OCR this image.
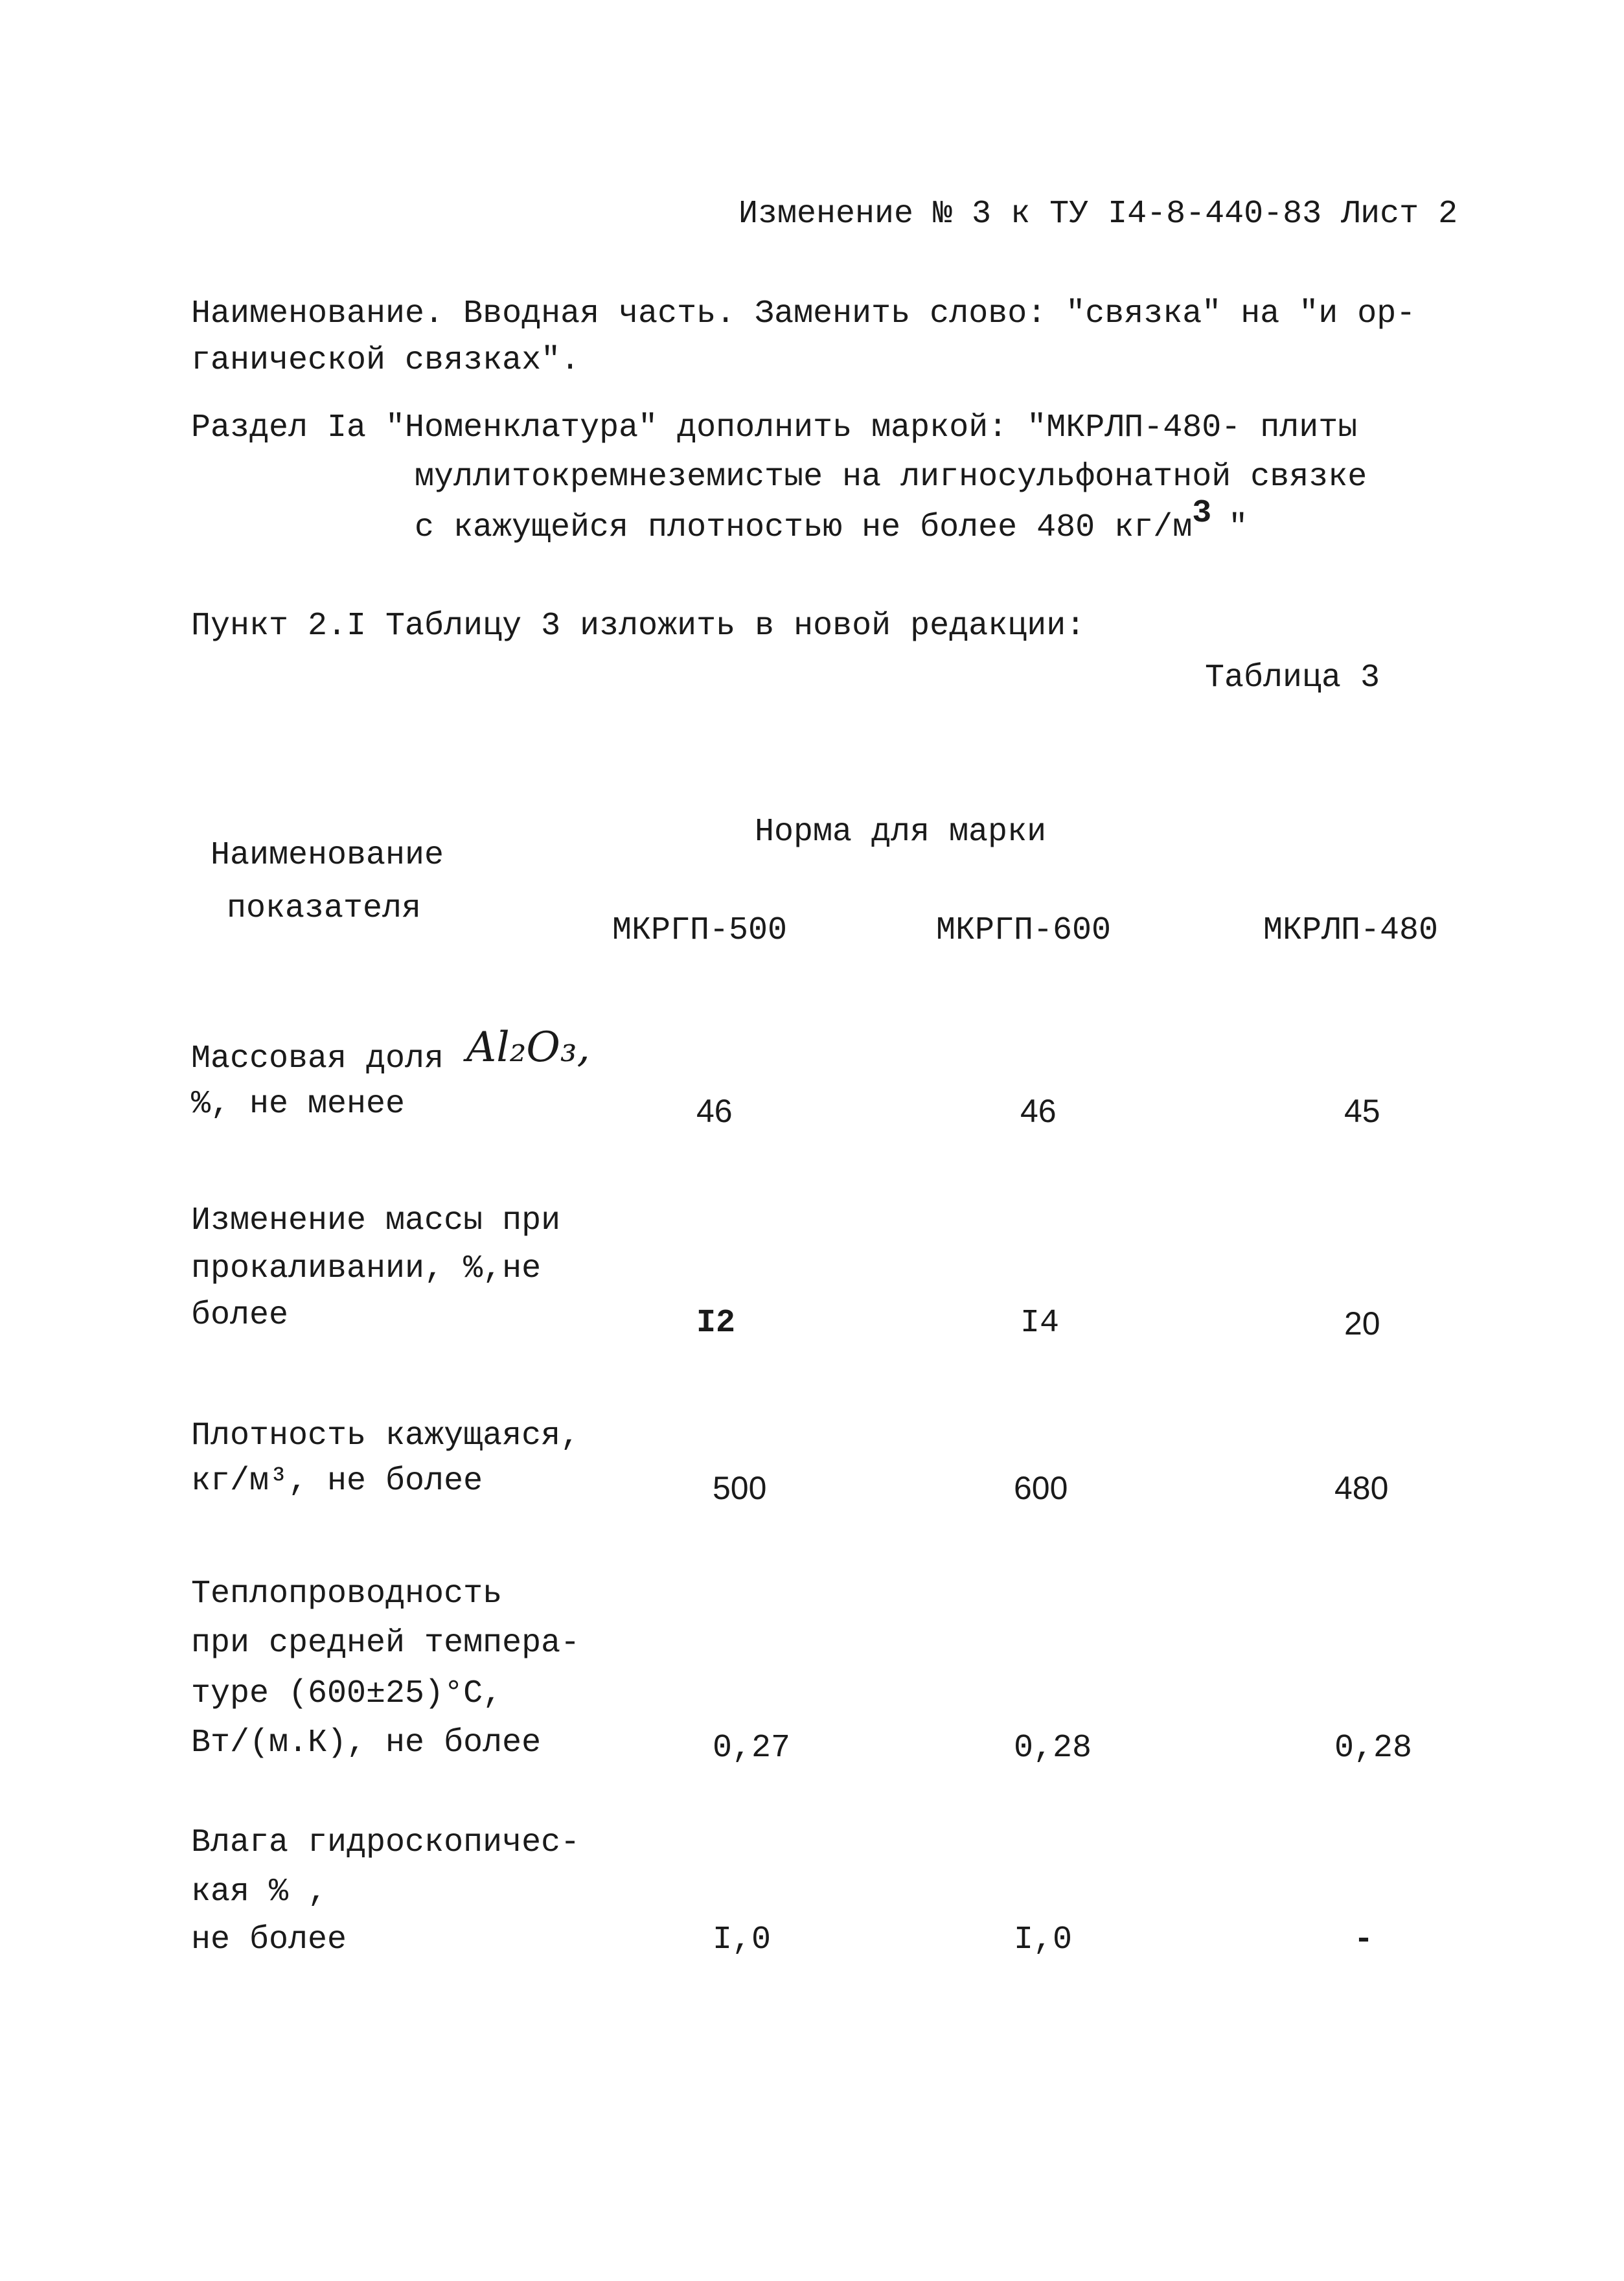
Изменение № 3 к ТУ I4-8-440-83 Лист 2
Наименование. Вводная часть. Заменить слово: "связка" на "и ор-
ганической связках".
Раздел Iа "Номенклатура" дополнить маркой: "МКРЛП-480- плиты
муллитокремнеземистые на лигносульфонатной связке
с кажущейся плотностью не более 480 кг/м3 "
Пункт 2.I Таблицу 3 изложить в новой редакции:
Таблица 3
Наименование
показателя
Норма для марки
МКРГП-500	МКРГП-600	МКРЛП-480
Массовая доля Al₂O₃,
%, не менее	46	46	45
Изменение массы при
прокаливании, %,не
более	I2	I4	20
Плотность кажущаяся,
кг/м³, не более	500	600	480
Теплопроводность
при средней темпера-
туре (600±25)°С,
Вт/(м.К), не более	0,27	0,28	0,28
Влага гидроскопичес-
кая % ,
не более	I,0	I,0	-
